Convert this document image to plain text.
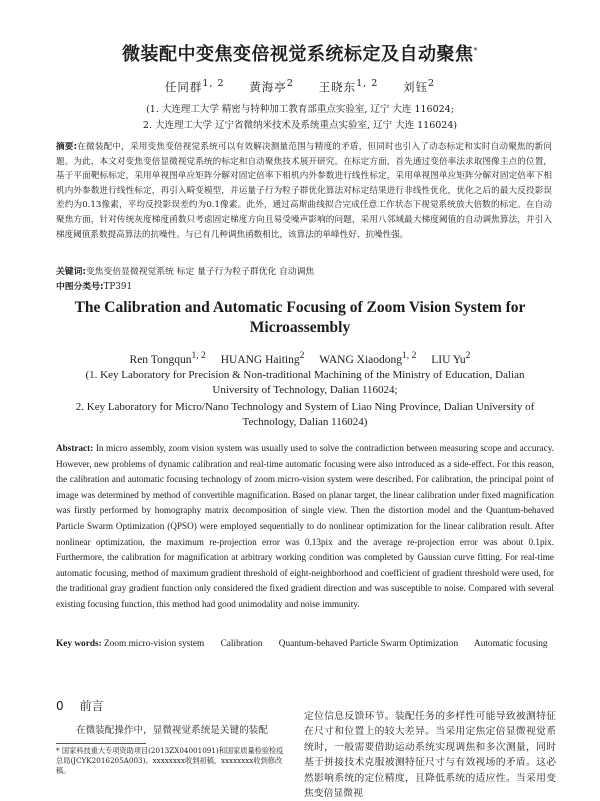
微装配中变焦变倍视觉系统标定及自动聚焦*
任同群$^{1, 2}$ 黄海亭$^2$ 王晓东$^{1, 2}$ 刘钰$^2$
(1. 大连理工大学 精密与特种加工教育部重点实验室, 辽宁 大连 116024;
2. 大连理工大学 辽宁省微纳米技术及系统重点实验室, 辽宁 大连 116024)
摘要:在微装配中，采用变焦变倍视觉系统可以有效解决测量范围与精度的矛盾，但同时也引入了动态标定和实时自动聚焦的新问题。为此，本文对变焦变倍显微视觉系统的标定和自动聚焦技术展开研究。在标定方面，首先通过变倍率法求取图像主点的位置，基于平面靶标标定，采用单视图单应矩阵分解对固定倍率下相机内外参数进行线性标定，采用单视图单应矩阵分解对固定倍率下相机内外参数进行线性标定，再引入畸变模型，并运量子行为粒子群优化算法对标定结果进行非线性优化，优化之后的最大反投影误差约为0.13像素，平均反投影误差约为0.1像素。此外，通过高斯曲线拟合完成任意工作状态下视觉系统放大倍数的标定。在自动聚焦方面，针对传统灰度梯度函数只考虑固定梯度方向且易受噪声影响的问题，采用八邻域最大梯度阈值的自动调焦算法，并引入梯度阈值系数提高算法的抗噪性。与已有几种调焦函数相比，该算法的单峰性好、抗噪性强。
关键词:变焦变倍显微视觉系统 标定 量子行为粒子群优化 自动调焦
中图分类号:TP391
The Calibration and Automatic Focusing of Zoom Vision System for Microassembly
Ren Tongqun$^{1, 2}$ HUANG Haiting$^2$ WANG Xiaodong$^{1, 2}$ LIU Yu$^2$
(1. Key Laboratory for Precision & Non-traditional Machining of the Ministry of Education, Dalian University of Technology, Dalian 116024;
2. Key Laboratory for Micro/Nano Technology and System of Liao Ning Province, Dalian University of Technology, Dalian 116024)
Abstract: In micro assembly, zoom vision system was usually used to solve the contradiction between measuring scope and accuracy. However, new problems of dynamic calibration and real-time automatic focusing were also introduced as a side-effect. For this reason, the calibration and automatic focusing technology of zoom micro-vision system were described. For calibration, the principal point of image was determined by method of convertible magnification. Based on planar target, the linear calibration under fixed magnification was firstly performed by homography matrix decomposition of single view. Then the distortion model and the Quantum-behaved Particle Swarm Optimization (QPSO) were employed sequentially to do nonlinear optimization for the linear calibration result. After nonlinear optimization, the maximum re-projection error was 0.13pix and the average re-projection error was about 0.1pix. Furthermore, the calibration for magnification at arbitrary working condition was completed by Gaussian curve fitting. For real-time automatic focusing, method of maximum gradient threshold of eight-neighborhood and coefficient of gradient threshold were used, for the traditional gray gradient function only considered the fixed gradient direction and was susceptible to noise. Compared with several existing focusing function, this method had good unimodality and noise immunity.
Key words: Zoom micro-vision system Calibration Quantum-behaved Particle Swarm Optimization Automatic focusing
0 前言
在微装配操作中，显微视觉系统是关键的装配
* 国家科技重大专项资助项目(2013ZX04001091)和国家质量检验检疫总局(JCYK2016205A003)。xxxxxxxx收到初稿，xxxxxxxx收到修改稿。
定位信息反馈环节。装配任务的多样性可能导致被测特征在尺寸和位置上的较大差异。当采用定焦定倍显微视觉系统时，一般需要借助运动系统实现调焦和多次测量，同时基于拼接技术克服被测特征尺寸与有效视场的矛盾。这必然影响系统的定位精度，且降低系统的适应性。当采用变焦变倍显微视
